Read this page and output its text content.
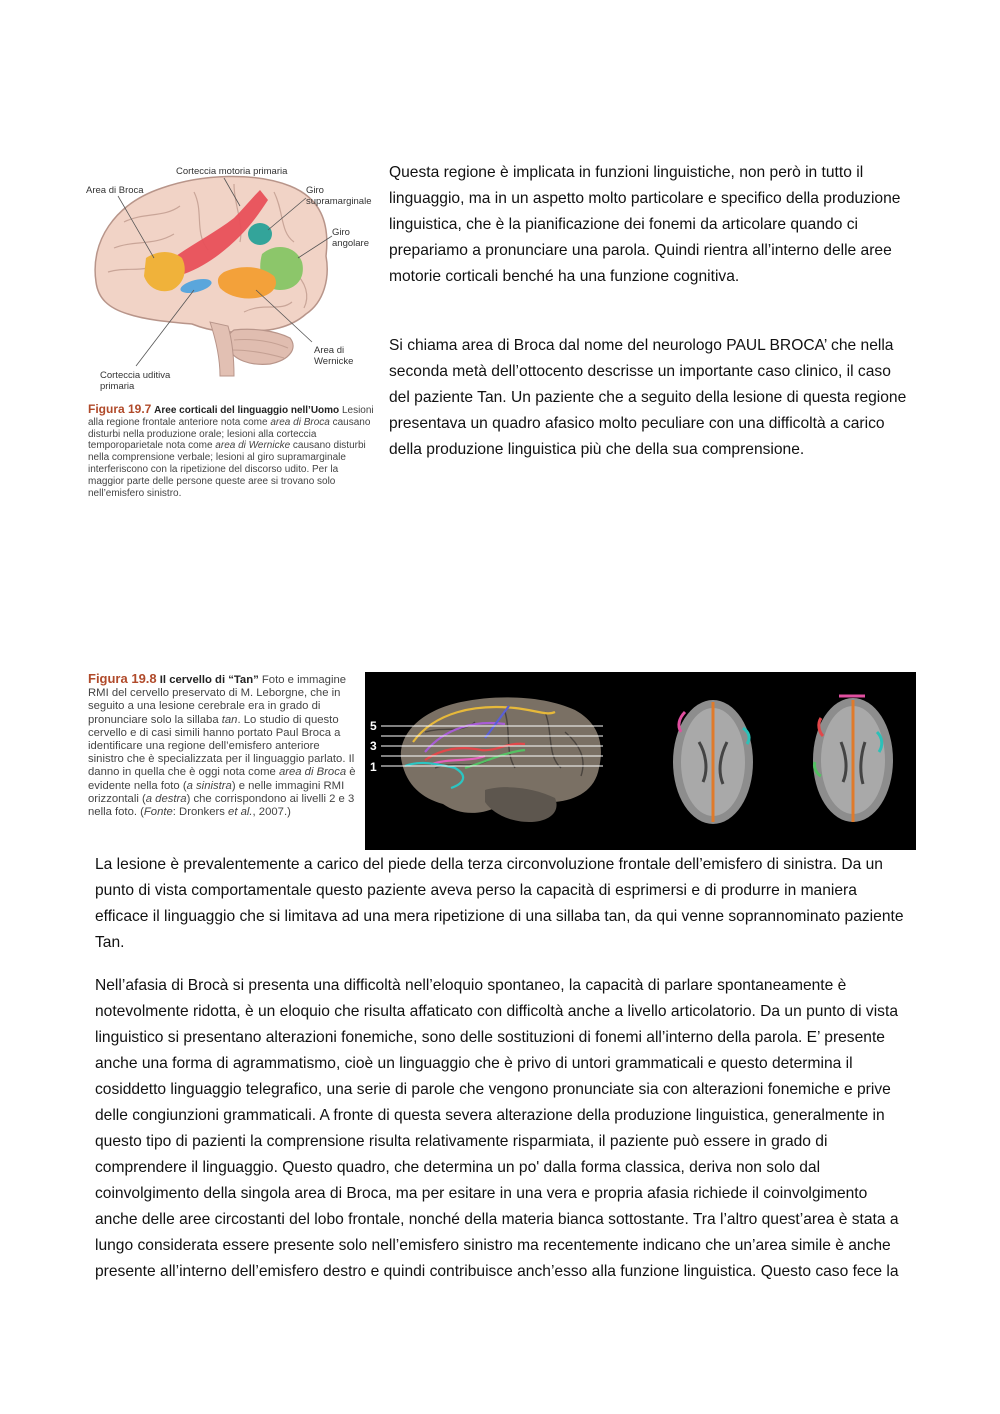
Corteccia motoria primaria
Area di Broca	Giro
supramarginale
Giro
angolare
Area di
Wernicke
Corteccia uditiva
primaria

Figura 19.7 Aree corticali del linguaggio nell’Uomo Lesioni alla regione frontale anteriore nota come area di Broca causano disturbi nella produzione orale; lesioni alla corteccia temporoparietale nota come area di Wernicke causano disturbi nella comprensione verbale; lesioni al giro supramarginale interferiscono con la ripetizione del discorso udito. Per la maggior parte delle persone queste aree si trovano solo nell’emisfero sinistro.

Questa regione è implicata in funzioni linguistiche, non però in tutto il linguaggio, ma in un aspetto molto particolare e specifico della produzione linguistica, che è la pianificazione dei fonemi da articolare quando ci prepariamo a pronunciare una parola. Quindi rientra all’interno delle aree motorie corticali benché ha una funzione cognitiva.

Si chiama area di Broca dal nome del neurologo PAUL BROCA’ che nella seconda metà dell’ottocento descrisse un importante caso clinico, il caso del paziente Tan. Un paziente che a seguito della lesione di questa regione presentava un quadro afasico molto peculiare con una difficoltà a carico della produzione linguistica più che della sua comprensione.

Figura 19.8 Il cervello di “Tan” Foto e immagine RMI del cervello preservato di M. Leborgne, che in seguito a una lesione cerebrale era in grado di pronunciare solo la sillaba tan. Lo studio di questo cervello e di casi simili hanno portato Paul Broca a identificare una regione dell’emisfero anteriore sinistro che è specializzata per il linguaggio parlato. Il danno in quella che è oggi nota come area di Broca è evidente nella foto (a sinistra) e nelle immagini RMI orizzontali (a destra) che corrispondono ai livelli 2 e 3 nella foto. (Fonte: Dronkers et al., 2007.)

5
3
1

La lesione è prevalentemente a carico del piede della terza circonvoluzione frontale dell’emisfero di sinistra. Da un punto di vista comportamentale questo paziente aveva perso la capacità di esprimersi e di produrre in maniera efficace il linguaggio che si limitava ad una mera ripetizione di una sillaba tan, da qui venne soprannominato paziente Tan.

Nell’afasia di Brocà si presenta una difficoltà nell’eloquio spontaneo, la capacità di parlare spontaneamente è notevolmente ridotta, è un eloquio che risulta affaticato con difficoltà anche a livello articolatorio. Da un punto di vista linguistico si presentano alterazioni fonemiche, sono delle sostituzioni di fonemi all’interno della parola. E’ presente anche una forma di agrammatismo, cioè un linguaggio che è privo di untori grammaticali e questo determina il cosiddetto linguaggio telegrafico, una serie di parole che vengono pronunciate sia con alterazioni fonemiche e prive delle congiunzioni grammaticali. A fronte di questa severa alterazione della produzione linguistica, generalmente in questo tipo di pazienti la comprensione risulta relativamente risparmiata, il paziente può essere in grado di comprendere il linguaggio. Questo quadro, che determina un po' dalla forma classica, deriva non solo dal coinvolgimento della singola area di Broca, ma per esitare in una vera e propria afasia richiede il coinvolgimento anche delle aree circostanti del lobo frontale, nonché della materia bianca sottostante. Tra l’altro quest’area è stata a lungo considerata essere presente solo nell’emisfero sinistro ma recentemente indicano che un’area simile è anche presente all’interno dell’emisfero destro e quindi contribuisce anch’esso alla funzione linguistica. Questo caso fece la
